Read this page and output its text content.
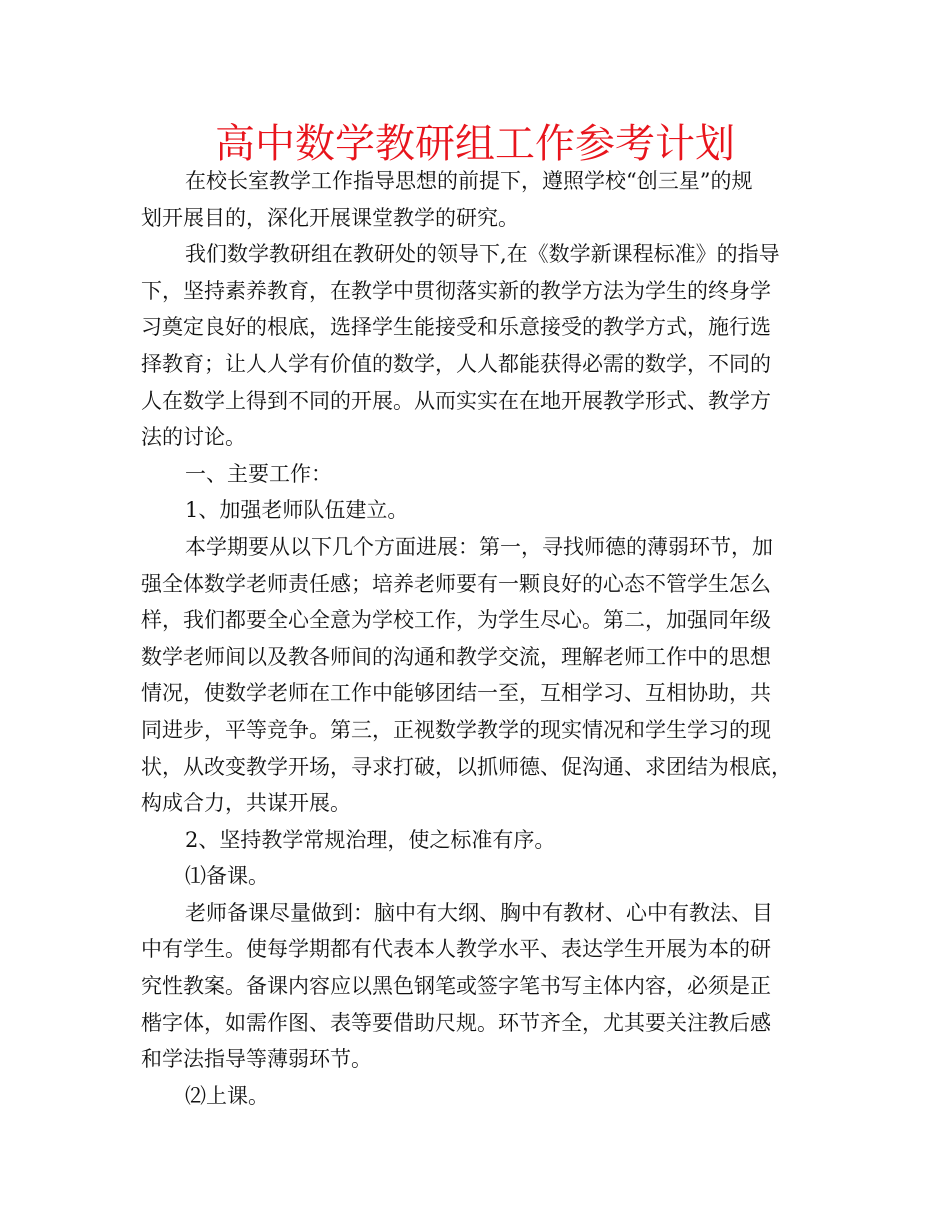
高中数学教研组工作参考计划
在校长室教学工作指导思想的前提下，遵照学校“创三星”的规
划开展目的，深化开展课堂教学的研究。
我们数学教研组在教研处的领导下,在《数学新课程标准》的指导
下，坚持素养教育，在教学中贯彻落实新的教学方法为学生的终身学
习奠定良好的根底，选择学生能接受和乐意接受的教学方式，施行选
择教育；让人人学有价值的数学，人人都能获得必需的数学，不同的
人在数学上得到不同的开展。从而实实在在地开展教学形式、教学方
法的讨论。
一、主要工作：
1、加强老师队伍建立。
本学期要从以下几个方面进展：第一，寻找师德的薄弱环节，加
强全体数学老师责任感；培养老师要有一颗良好的心态不管学生怎么
样，我们都要全心全意为学校工作，为学生尽心。第二，加强同年级
数学老师间以及教各师间的沟通和教学交流，理解老师工作中的思想
情况，使数学老师在工作中能够团结一至，互相学习、互相协助，共
同进步，平等竞争。第三，正视数学教学的现实情况和学生学习的现
状，从改变教学开场，寻求打破，以抓师德、促沟通、求团结为根底，
构成合力，共谋开展。
2、坚持教学常规治理，使之标准有序。
⑴备课。
老师备课尽量做到：脑中有大纲、胸中有教材、心中有教法、目
中有学生。使每学期都有代表本人教学水平、表达学生开展为本的研
究性教案。备课内容应以黑色钢笔或签字笔书写主体内容，必须是正
楷字体，如需作图、表等要借助尺规。环节齐全，尤其要关注教后感
和学法指导等薄弱环节。
⑵上课。
